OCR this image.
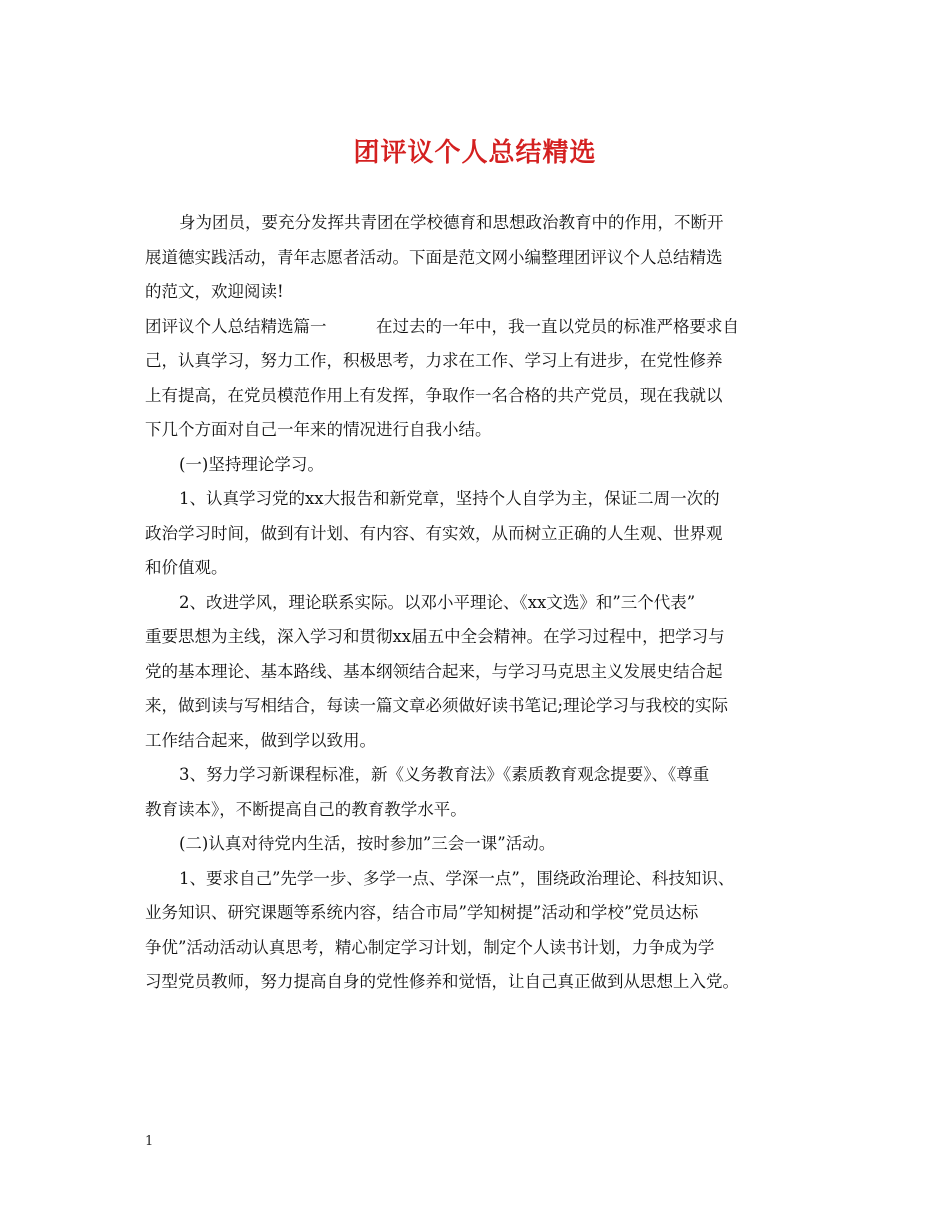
团评议个人总结精选
身为团员，要充分发挥共青团在学校德育和思想政治教育中的作用，不断开
展道德实践活动，青年志愿者活动。下面是范文网小编整理团评议个人总结精选
的范文，欢迎阅读!
团评议个人总结精选篇一　　　在过去的一年中，我一直以党员的标准严格要求自
己，认真学习，努力工作，积极思考，力求在工作、学习上有进步，在党性修养
上有提高，在党员模范作用上有发挥，争取作一名合格的共产党员，现在我就以
下几个方面对自己一年来的情况进行自我小结。
(一)坚持理论学习。
1、认真学习党的xx大报告和新党章，坚持个人自学为主，保证二周一次的
政治学习时间，做到有计划、有内容、有实效，从而树立正确的人生观、世界观
和价值观。
2、改进学风，理论联系实际。以邓小平理论、《xx文选》和”三个代表”
重要思想为主线，深入学习和贯彻xx届五中全会精神。在学习过程中，把学习与
党的基本理论、基本路线、基本纲领结合起来，与学习马克思主义发展史结合起
来，做到读与写相结合，每读一篇文章必须做好读书笔记;理论学习与我校的实际
工作结合起来，做到学以致用。
3、努力学习新课程标准，新《义务教育法》《素质教育观念提要》、《尊重
教育读本》，不断提高自己的教育教学水平。
(二)认真对待党内生活，按时参加”三会一课”活动。
1、要求自己”先学一步、多学一点、学深一点”，围绕政治理论、科技知识、
业务知识、研究课题等系统内容，结合市局”学知树提”活动和学校”党员达标
争优”活动活动认真思考，精心制定学习计划，制定个人读书计划，力争成为学
习型党员教师，努力提高自身的党性修养和觉悟，让自己真正做到从思想上入党。
1
